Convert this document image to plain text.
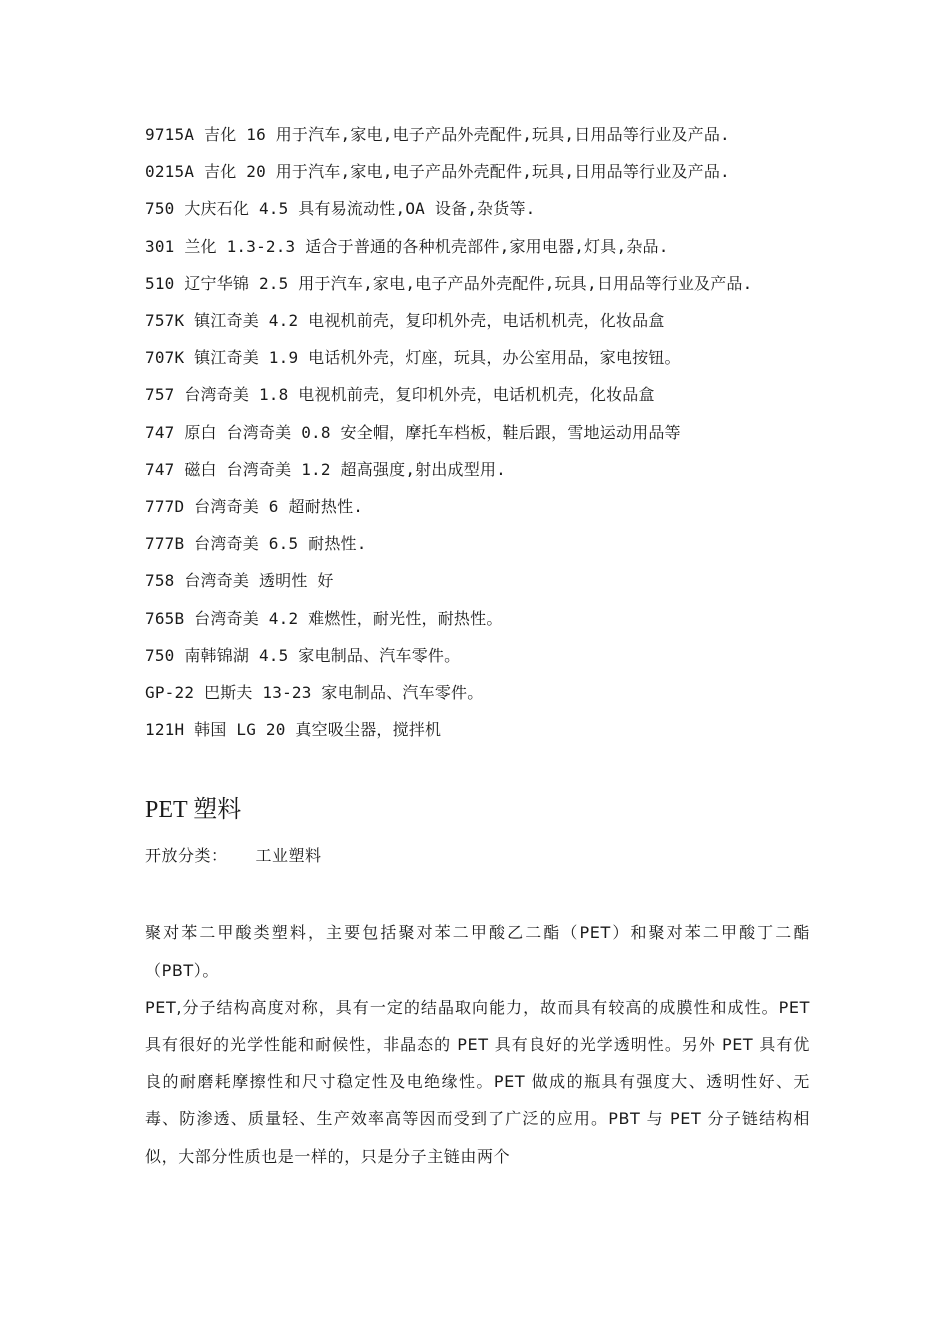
9715A 吉化 16 用于汽车,家电,电子产品外壳配件,玩具,日用品等行业及产品.
0215A 吉化 20 用于汽车,家电,电子产品外壳配件,玩具,日用品等行业及产品.
750 大庆石化 4.5 具有易流动性,OA 设备,杂货等.
301 兰化 1.3-2.3 适合于普通的各种机壳部件,家用电器,灯具,杂品.
510 辽宁华锦 2.5 用于汽车,家电,电子产品外壳配件,玩具,日用品等行业及产品.
757K 镇江奇美 4.2 电视机前壳，复印机外壳，电话机机壳，化妆品盒
707K 镇江奇美 1.9 电话机外壳，灯座，玩具，办公室用品，家电按钮。
757 台湾奇美 1.8 电视机前壳，复印机外壳，电话机机壳，化妆品盒
747 原白 台湾奇美 0.8 安全帽，摩托车档板，鞋后跟，雪地运动用品等
747 磁白 台湾奇美 1.2 超高强度,射出成型用.
777D 台湾奇美 6 超耐热性.
777B 台湾奇美 6.5 耐热性.
758 台湾奇美 透明性 好
765B 台湾奇美 4.2 难燃性，耐光性，耐热性。
750 南韩锦湖 4.5 家电制品、汽车零件。
GP-22 巴斯夫 13-23 家电制品、汽车零件。
121H 韩国 LG 20 真空吸尘器，搅拌机
PET 塑料
开放分类： 工业塑料

聚对苯二甲酸类塑料，主要包括聚对苯二甲酸乙二酯（PET）和聚对苯二甲酸丁二酯（PBT）。

PET,分子结构高度对称，具有一定的结晶取向能力，故而具有较高的成膜性和成性。PET 具有很好的光学性能和耐候性，非晶态的 PET 具有良好的光学透明性。另外 PET 具有优良的耐磨耗摩擦性和尺寸稳定性及电绝缘性。PET 做成的瓶具有强度大、透明性好、无毒、防渗透、质量轻、生产效率高等因而受到了广泛的应用。PBT 与 PET 分子链结构相似，大部分性质也是一样的，只是分子主链由两个
